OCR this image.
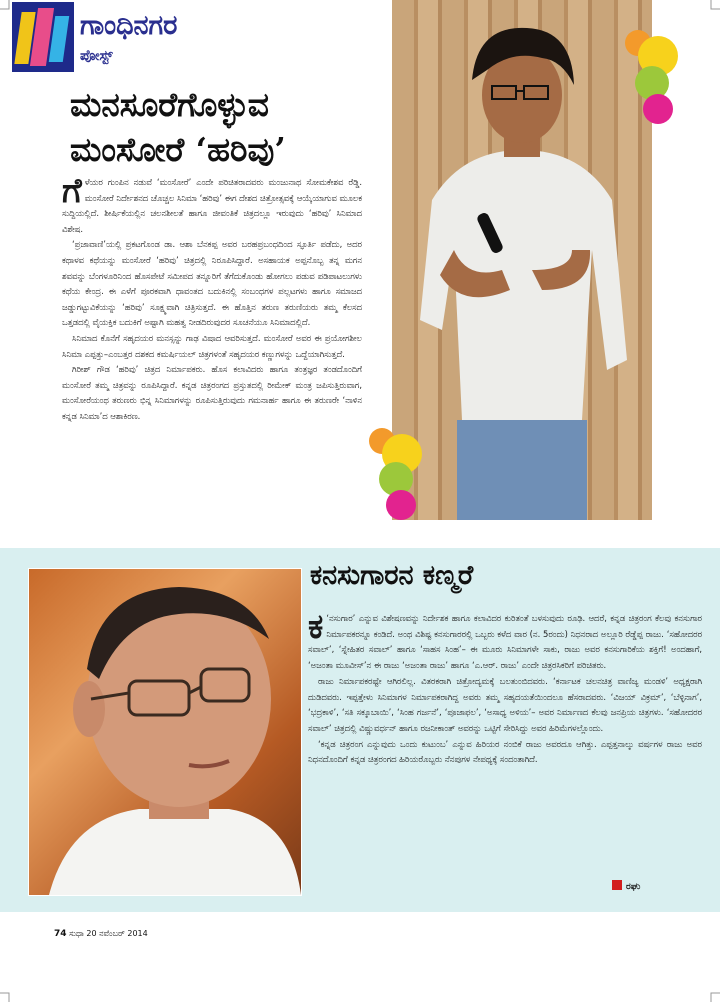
ಗಾಂಧಿನಗರ
ಪೋಸ್ಟ್
ಮನಸೂರೆಗೊಳ್ಳುವ
ಮಂಸೋರೆ ‘ಹರಿವು’

ಗೆಳೆಯರ ಗುಂಪಿನ ನಡುವೆ ‘ಮಂಸೋರೆ’ ಎಂದೇ ಪರಿಚಿತರಾದವರು ಮಂಜುನಾಥ ಸೋಮಕೇಶವ ರೆಡ್ಡಿ. ಮಂಸೋರೆ ನಿರ್ದೇಶನದ ಚೊಚ್ಚಲ ಸಿನಿಮಾ ‘ಹರಿವು’ ಈಗ ದೇಶದ ಚಿತ್ರೋತ್ಸವಕ್ಕೆ ಆಯ್ಕೆಯಾಗುವ ಮೂಲಕ ಸುದ್ದಿಯಲ್ಲಿದೆ. ಶೀರ್ಷಿಕೆಯಲ್ಲಿನ ಚಲನಶೀಲತೆ ಹಾಗೂ ಜೀವಂತಿಕೆ ಚಿತ್ರದಲ್ಲೂ ಇರುವುದು ‘ಹರಿವು’ ಸಿನಿಮಾದ ವಿಶೇಷ.

‘ಪ್ರಜಾವಾಣಿ’ಯಲ್ಲಿ ಪ್ರಕಟಗೊಂಡ ಡಾ. ಆಶಾ ಬೆನಕಪ್ಪ ಅವರ ಬರಹಪ್ರಬಂಧದಿಂದ ಸ್ಫೂರ್ತಿ ಪಡೆದು, ಅದರ ಕಥಾಳವ ಕಥೆಯನ್ನು ಮಂಸೋರೆ ‘ಹರಿವು’ ಚಿತ್ರದಲ್ಲಿ ನಿರೂಪಿಸಿದ್ದಾರೆ. ಅಸಹಾಯಕ ಅಪ್ಪನೊಬ್ಬ ತನ್ನ ಮಗನ ಶವವನ್ನು ಬೆಂಗಳೂರಿನಿಂದ ಹೊಸಪೇಟೆ ಸಮೀಪದ ತನ್ನೂರಿಗೆ ತೆಗೆದುಕೊಂಡು ಹೋಗಲು ಪಡುವ ಪಡಿಪಾಟಲುಗಳು ಕಥೆಯ ಕೇಂದ್ರ. ಈ ಎಳೆಗೆ ಪೂರಕವಾಗಿ ಧಾವಂತದ ಬದುಕಿನಲ್ಲಿ ಸಂಬಂಧಗಳ ಪಲ್ಲಟಗಳು ಹಾಗೂ ಸಮಾಜದ ಜಡ್ಡುಗಟ್ಟುವಿಕೆಯನ್ನು ‘ಹರಿವು’ ಸೂಕ್ಷ್ಮವಾಗಿ ಚಿತ್ರಿಸುತ್ತದೆ. ಈ ಹೊತ್ತಿನ ತರುಣ ತರುಣಿಯರು ತಮ್ಮ ಕೆಲಸದ ಒತ್ತಡದಲ್ಲಿ ವೈಯಕ್ತಿಕ ಬದುಕಿಗೆ ಅಷ್ಟಾಗಿ ಮಹತ್ವ ನೀಡದಿರುವುದರ ಸೂಚನೆಯೂ ಸಿನಿಮಾದಲ್ಲಿದೆ.

ಸಿನಿಮಾದ ಕೊನೆಗೆ ಸಹೃದಯರ ಮನಸ್ಸನ್ನು ಗಾಢ ವಿಷಾದ ಆವರಿಸುತ್ತದೆ. ಮಂಸೋರೆ ಅವರ ಈ ಪ್ರಯೋಗಶೀಲ ಸಿನಿಮಾ ಎಪ್ಪತ್ತು–ಎಂಬತ್ತರ ದಶಕದ ಕಮರ್ಷಿಯಲ್ ಚಿತ್ರಗಳಂತೆ ಸಹೃದಯರ ಕಣ್ಣುಗಳನ್ನು ಒದ್ದೆಯಾಗಿಸುತ್ತದೆ.

ಗಿರೀಶ್ ಗೌಡ ‘ಹರಿವು’ ಚಿತ್ರದ ನಿರ್ಮಾಪಕರು. ಹೊಸ ಕಲಾವಿದರು ಹಾಗೂ ತಂತ್ರಜ್ಞರ ತಂಡದೊಂದಿಗೆ ಮಂಸೋರೆ ತಮ್ಮ ಚಿತ್ರವನ್ನು ರೂಪಿಸಿದ್ದಾರೆ. ಕನ್ನಡ ಚಿತ್ರರಂಗದ ಪ್ರಸ್ತುತದಲ್ಲಿ ರೀಮೇಕ್ ಮಂತ್ರ ಜಪಿಸುತ್ತಿರುವಾಗ, ಮಂಸೋರೆಯಂಥ ತರುಣರು ಭಿನ್ನ ಸಿನಿಮಾಗಳನ್ನು ರೂಪಿಸುತ್ತಿರುವುದು ಗಮನಾರ್ಹ ಹಾಗೂ ಈ ತರುಣರೇ ‘ನಾಳಿನ ಕನ್ನಡ ಸಿನಿಮಾ’ದ ಆಶಾಕಿರಣ.

ಕನಸುಗಾರನ ಕಣ್ಮರೆ

ಕ ‘ನಸುಗಾರ’ ಎನ್ನುವ ವಿಶೇಷಣವನ್ನು ನಿರ್ದೇಶಕ ಹಾಗೂ ಕಲಾವಿದರ ಕುರಿತಂತೆ ಬಳಸುವುದು ರೂಢಿ. ಆದರೆ, ಕನ್ನಡ ಚಿತ್ರರಂಗ ಕೆಲವು ಕನಸುಗಾರ ನಿರ್ಮಾಪಕರನ್ನೂ ಕಂಡಿದೆ. ಅಂಥ ವಿಶಿಷ್ಟ ಕನಸುಗಾರರಲ್ಲಿ ಒಬ್ಬರು ಕಳೆದ ವಾರ (ನ. 5ರಂದು) ನಿಧನರಾದ ಅಲ್ಲೂರಿ ರೆಡ್ಡೆಪ್ಪ ರಾಜು. ‘ಸಹೋದರರ ಸವಾಲ್’, ‘ಸ್ನೇಹಿತರ ಸವಾಲ್’ ಹಾಗೂ ‘ಸಾಹಸ ಸಿಂಹ’– ಈ ಮೂರು ಸಿನಿಮಾಗಳೇ ಸಾಕು, ರಾಜು ಅವರ ಕನಸುಗಾರಿಕೆಯ ಶಕ್ತಿಗೆ! ಅಂದಹಾಗೆ, ‘ಅಜಂತಾ ಮೂವೀಸ್’ನ ಈ ರಾಜು ‘ಅಜಂತಾ ರಾಜು’ ಹಾಗೂ ‘ಎ.ಆರ್. ರಾಜು’ ಎಂದೇ ಚಿತ್ರರಸಿಕರಿಗೆ ಪರಿಚಿತರು.

ರಾಜು ನಿರ್ಮಾಪಕರಷ್ಟೇ ಆಗಿರಲಿಲ್ಲ. ವಿತರಕರಾಗಿ ಚಿತ್ರೋದ್ಯಮಕ್ಕೆ ಬಲತುಂಬಿದವರು. ‘ಕರ್ನಾಟಕ ಚಲನಚಿತ್ರ ವಾಣಿಜ್ಯ ಮಂಡಳಿ’ ಅಧ್ಯಕ್ಷರಾಗಿ ದುಡಿದವರು. ಇಪ್ಪತ್ತೇಳು ಸಿನಿಮಾಗಳ ನಿರ್ಮಾಪಕರಾಗಿದ್ದ ಅವರು ತಮ್ಮ ಸಹೃದಯತೆಯಿಂದಲೂ ಹೆಸರಾದವರು. ‘ವಿಜಯ್ ವಿಕ್ರಮ್’, ‘ಬೆಳ್ಳಿನಾಗ’, ‘ಭದ್ರಕಾಳಿ’, ‘ಸತಿ ಸಕ್ಕೂಬಾಯಿ’, ‘ಸಿಂಹ ಗರ್ಜನೆ’, ‘ಪೂಜಾಫಲ’, ‘ಅಸಾಧ್ಯ ಅಳಿಯ’– ಅವರ ನಿರ್ಮಾಣದ ಕೆಲವು ಜನಪ್ರಿಯ ಚಿತ್ರಗಳು. ‘ಸಹೋದರರ ಸವಾಲ್’ ಚಿತ್ರದಲ್ಲಿ ವಿಷ್ಣುವರ್ಧನ್ ಹಾಗೂ ರಜನೀಕಾಂತ್ ಅವರನ್ನು ಒಟ್ಟಿಗೆ ಸೇರಿಸಿದ್ದು ಅವರ ಹಿರಿಮೆಗಳಲ್ಲೊಂದು.

‘ಕನ್ನಡ ಚಿತ್ರರಂಗ ಎನ್ನುವುದು ಒಂದು ಕುಟುಂಬ’ ಎನ್ನುವ ಹಿರಿಯರ ನಂಬಿಕೆ ರಾಜು ಅವರದೂ ಆಗಿತ್ತು. ಎಪ್ಪತ್ತನಾಲ್ಕು ವರ್ಷಗಳ ರಾಜು ಅವರ ನಿಧನದೊಂದಿಗೆ ಕನ್ನಡ ಚಿತ್ರರಂಗದ ಹಿರಿಯರೊಬ್ಬರು ನೆನಪುಗಳ ನೇಪಥ್ಯಕ್ಕೆ ಸಂದಂತಾಗಿದೆ.

ರಘು
74 ಸುಧಾ 20 ನವೆಂಬರ್ 2014
